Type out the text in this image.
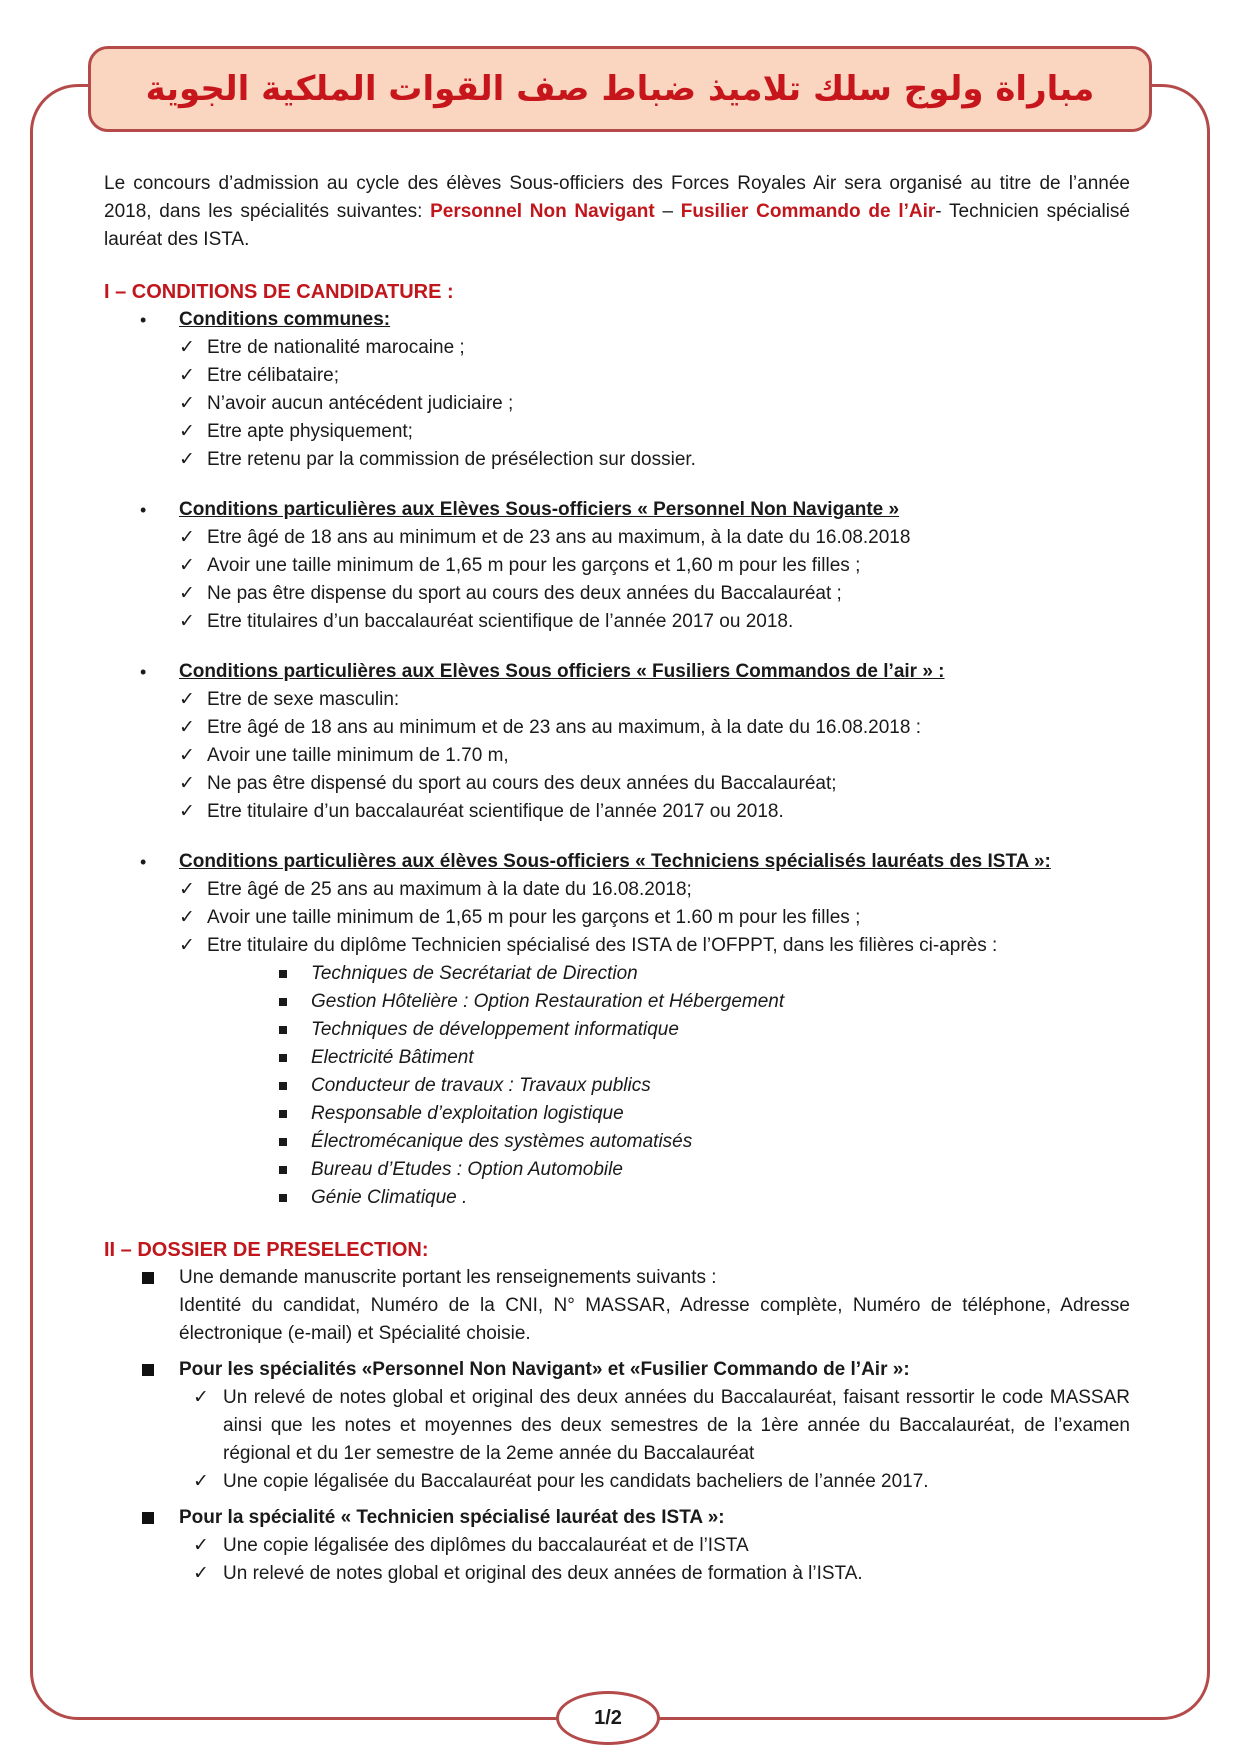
مباراة ولوج سلك تلاميذ ضباط صف القوات الملكية الجوية

Le concours d’admission au cycle des élèves Sous-officiers des Forces Royales Air sera organisé au titre de l’année 2018, dans les spécialités suivantes: Personnel Non Navigant – Fusilier Commando de l’Air- Technicien spécialisé lauréat des ISTA.

I – CONDITIONS DE CANDIDATURE :

• Conditions communes:

✓ Etre de nationalité marocaine ;
✓ Etre célibataire;
✓ N’avoir aucun antécédent judiciaire ;
✓ Etre apte physiquement;
✓ Etre retenu par la commission de présélection sur dossier.
• Conditions particulières aux Elèves Sous-officiers « Personnel Non Navigante »

✓ Etre âgé de 18 ans au minimum et de 23 ans au maximum, à la date du 16.08.2018
✓ Avoir une taille minimum de 1,65 m pour les garçons et 1,60 m pour les filles ;
✓ Ne pas être dispense du sport au cours des deux années du Baccalauréat ;
✓ Etre titulaires d’un baccalauréat scientifique de l’année 2017 ou 2018.
• Conditions particulières aux Elèves Sous officiers « Fusiliers Commandos de l’air » :

✓ Etre de sexe masculin:
✓ Etre âgé de 18 ans au minimum et de 23 ans au maximum, à la date du 16.08.2018 :
✓ Avoir une taille minimum de 1.70 m,
✓ Ne pas être dispensé du sport au cours des deux années du Baccalauréat;
✓ Etre titulaire d’un baccalauréat scientifique de l’année 2017 ou 2018.
• Conditions particulières aux élèves Sous-officiers « Techniciens spécialisés lauréats des ISTA »:

✓ Etre âgé de 25 ans au maximum à la date du 16.08.2018;
✓ Avoir une taille minimum de 1,65 m pour les garçons et 1.60 m pour les filles ;
✓ Etre titulaire du diplôme Technicien spécialisé des ISTA de l’OFPPT, dans les filières ci-après :
Techniques de Secrétariat de Direction
Gestion Hôtelière : Option Restauration et Hébergement
Techniques de développement informatique
Electricité Bâtiment
Conducteur de travaux : Travaux publics
Responsable d’exploitation logistique
Électromécanique des systèmes automatisés
Bureau d’Etudes : Option Automobile
Génie Climatique .

II – DOSSIER DE PRESELECTION:

Une demande manuscrite portant les renseignements suivants :

Identité du candidat, Numéro de la CNI, N° MASSAR, Adresse complète, Numéro de téléphone, Adresse électronique (e-mail) et Spécialité choisie.

Pour les spécialités «Personnel Non Navigant» et «Fusilier Commando de l’Air »:

✓ Un relevé de notes global et original des deux années du Baccalauréat, faisant ressortir le code MASSAR ainsi que les notes et moyennes des deux semestres de la 1ère année du Baccalauréat, de l’examen régional et du 1er semestre de la 2eme année du Baccalauréat
✓ Une copie légalisée du Baccalauréat pour les candidats bacheliers de l’année 2017.

Pour la spécialité « Technicien spécialisé lauréat des ISTA »:

✓ Une copie légalisée des diplômes du baccalauréat et de l’ISTA
✓ Un relevé de notes global et original des deux années de formation à l’ISTA.
1/2
